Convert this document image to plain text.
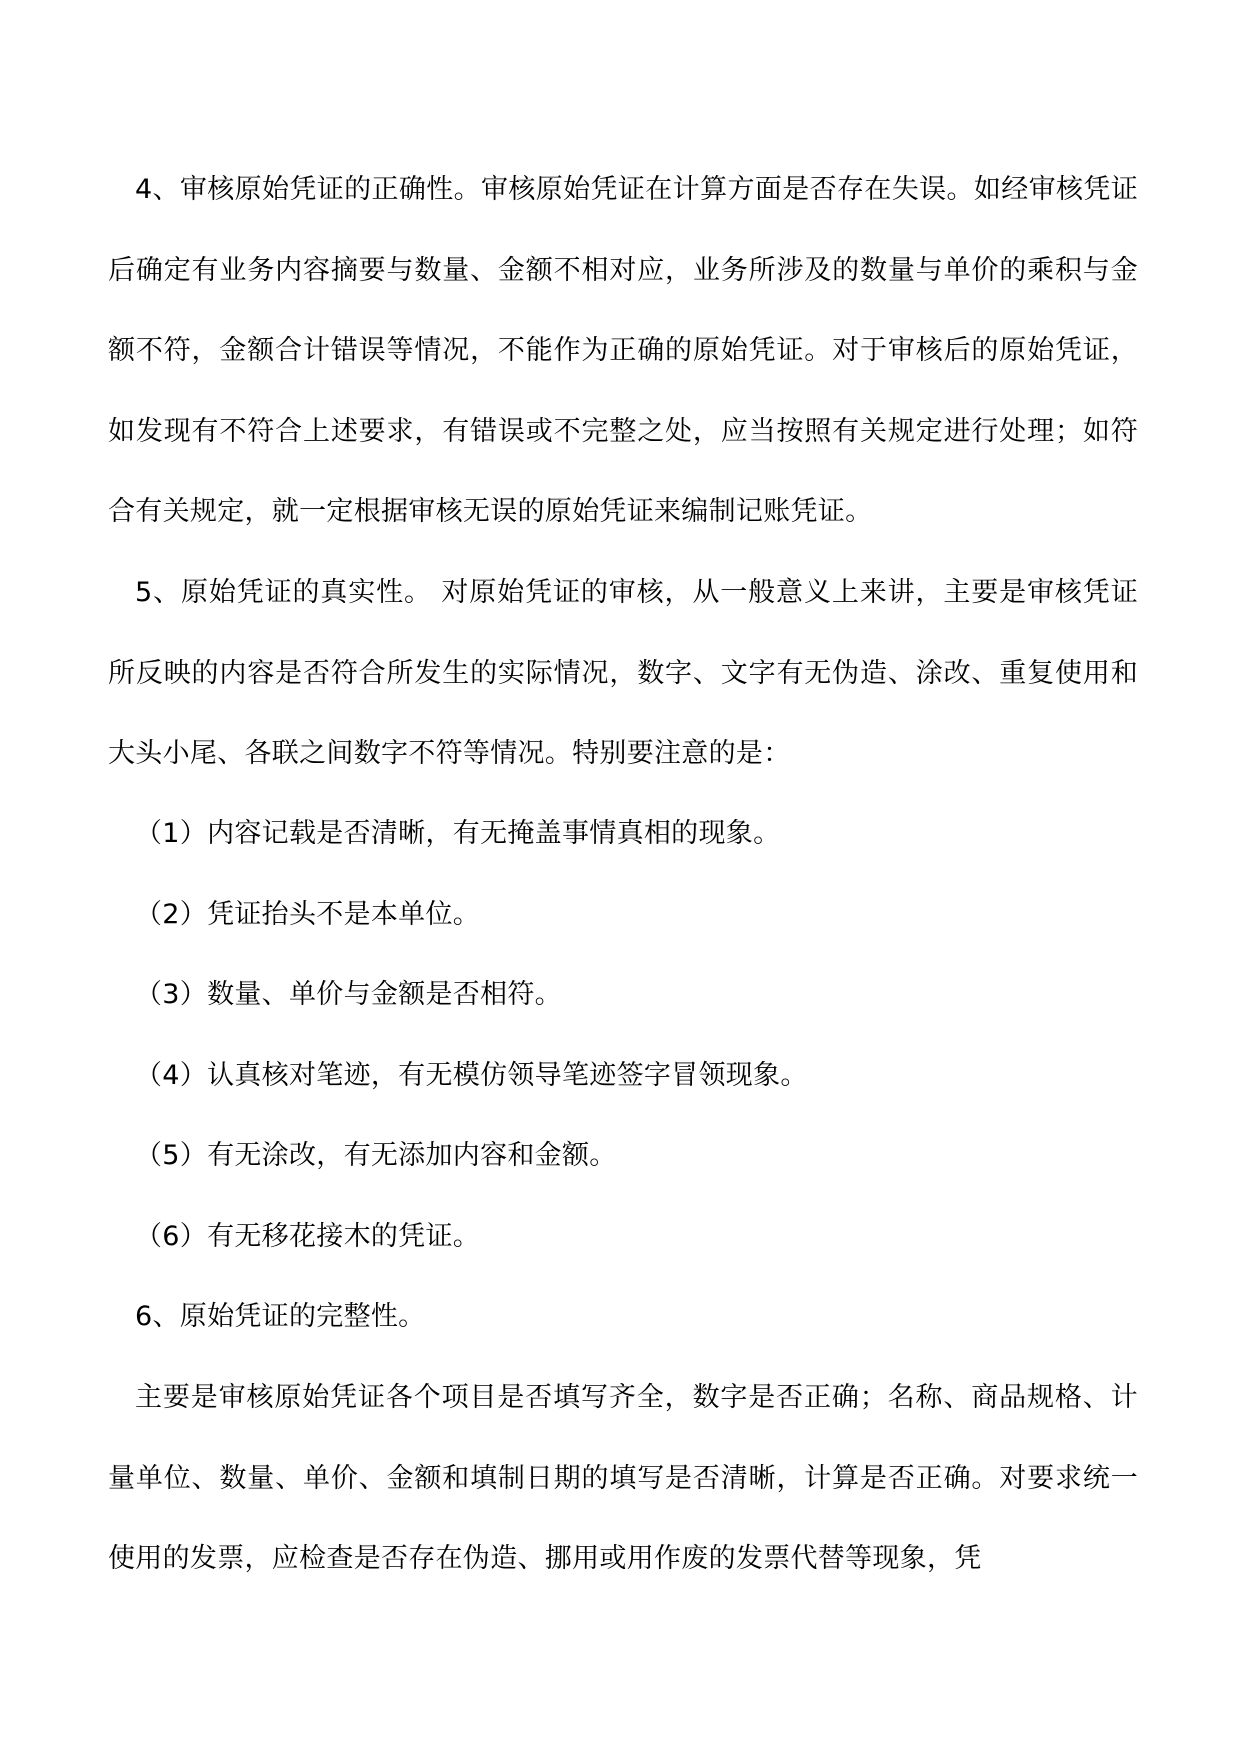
4、审核原始凭证的正确性。审核原始凭证在计算方面是否存在失误。如经审核凭证后确定有业务内容摘要与数量、金额不相对应，业务所涉及的数量与单价的乘积与金额不符，金额合计错误等情况，不能作为正确的原始凭证。对于审核后的原始凭证，如发现有不符合上述要求，有错误或不完整之处，应当按照有关规定进行处理；如符合有关规定，就一定根据审核无误的原始凭证来编制记账凭证。

5、原始凭证的真实性。 对原始凭证的审核，从一般意义上来讲，主要是审核凭证所反映的内容是否符合所发生的实际情况，数字、文字有无伪造、涂改、重复使用和大头小尾、各联之间数字不符等情况。特别要注意的是：

（1）内容记载是否清晰，有无掩盖事情真相的现象。

（2）凭证抬头不是本单位。

（3）数量、单价与金额是否相符。

（4）认真核对笔迹，有无模仿领导笔迹签字冒领现象。

（5）有无涂改，有无添加内容和金额。

（6）有无移花接木的凭证。

6、原始凭证的完整性。

主要是审核原始凭证各个项目是否填写齐全，数字是否正确；名称、商品规格、计量单位、数量、单价、金额和填制日期的填写是否清晰，计算是否正确。对要求统一使用的发票，应检查是否存在伪造、挪用或用作废的发票代替等现象，凭
